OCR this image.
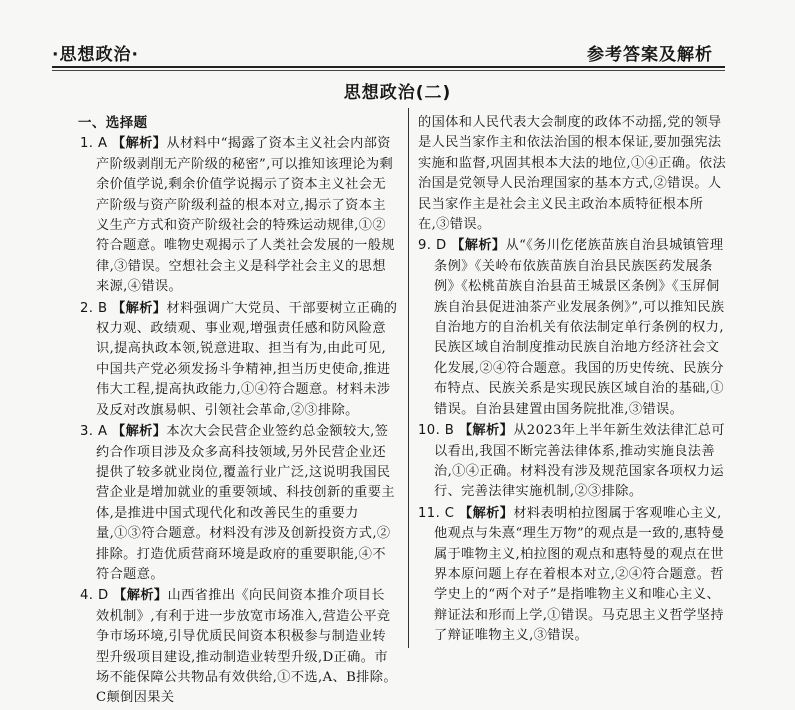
·思想政治·	参考答案及解析
思想政治(二)
一、选择题

1. A 【解析】从材料中“揭露了资本主义社会内部资产阶级剥削无产阶级的秘密”,可以推知该理论为剩余价值学说,剩余价值学说揭示了资本主义社会无产阶级与资产阶级利益的根本对立,揭示了资本主义生产方式和资产阶级社会的特殊运动规律,①②符合题意。唯物史观揭示了人类社会发展的一般规律,③错误。空想社会主义是科学社会主义的思想来源,④错误。

2. B 【解析】材料强调广大党员、干部要树立正确的权力观、政绩观、事业观,增强责任感和防风险意识,提高执政本领,锐意进取、担当有为,由此可见,中国共产党必须发扬斗争精神,担当历史使命,推进伟大工程,提高执政能力,①④符合题意。材料未涉及反对改旗易帜、引领社会革命,②③排除。

3. A 【解析】本次大会民营企业签约总金额较大,签约合作项目涉及众多高科技领域,另外民营企业还提供了较多就业岗位,覆盖行业广泛,这说明我国民营企业是增加就业的重要领域、科技创新的重要主体,是推进中国式现代化和改善民生的重要力量,①③符合题意。材料没有涉及创新投资方式,②排除。打造优质营商环境是政府的重要职能,④不符合题意。

4. D 【解析】山西省推出《向民间资本推介项目长效机制》,有利于进一步放宽市场准入,营造公平竞争市场环境,引导优质民间资本积极参与制造业转型升级项目建设,推动制造业转型升级,D正确。市场不能保障公共物品有效供给,①不选,A、B排除。C颠倒因果关

的国体和人民代表大会制度的政体不动摇,党的领导是人民当家作主和依法治国的根本保证,要加强宪法实施和监督,巩固其根本大法的地位,①④正确。依法治国是党领导人民治理国家的基本方式,②错误。人民当家作主是社会主义民主政治本质特征根本所在,③错误。

9. D 【解析】从“《务川仡佬族苗族自治县城镇管理条例》《关岭布依族苗族自治县民族医药发展条例》《松桃苗族自治县苗王城景区条例》《玉屏侗族自治县促进油茶产业发展条例》”,可以推知民族自治地方的自治机关有依法制定单行条例的权力,民族区域自治制度推动民族自治地方经济社会文化发展,②④符合题意。我国的历史传统、民族分布特点、民族关系是实现民族区域自治的基础,①错误。自治县建置由国务院批准,③错误。

10. B 【解析】从2023年上半年新生效法律汇总可以看出,我国不断完善法律体系,推动实施良法善治,①④正确。材料没有涉及规范国家各项权力运行、完善法律实施机制,②③排除。

11. C 【解析】材料表明柏拉图属于客观唯心主义,他观点与朱熹“理生万物”的观点是一致的,惠特曼属于唯物主义,柏拉图的观点和惠特曼的观点在世界本原问题上存在着根本对立,②④符合题意。哲学史上的“两个对子”是指唯物主义和唯心主义、辩证法和形而上学,①错误。马克思主义哲学坚持了辩证唯物主义,③错误。
